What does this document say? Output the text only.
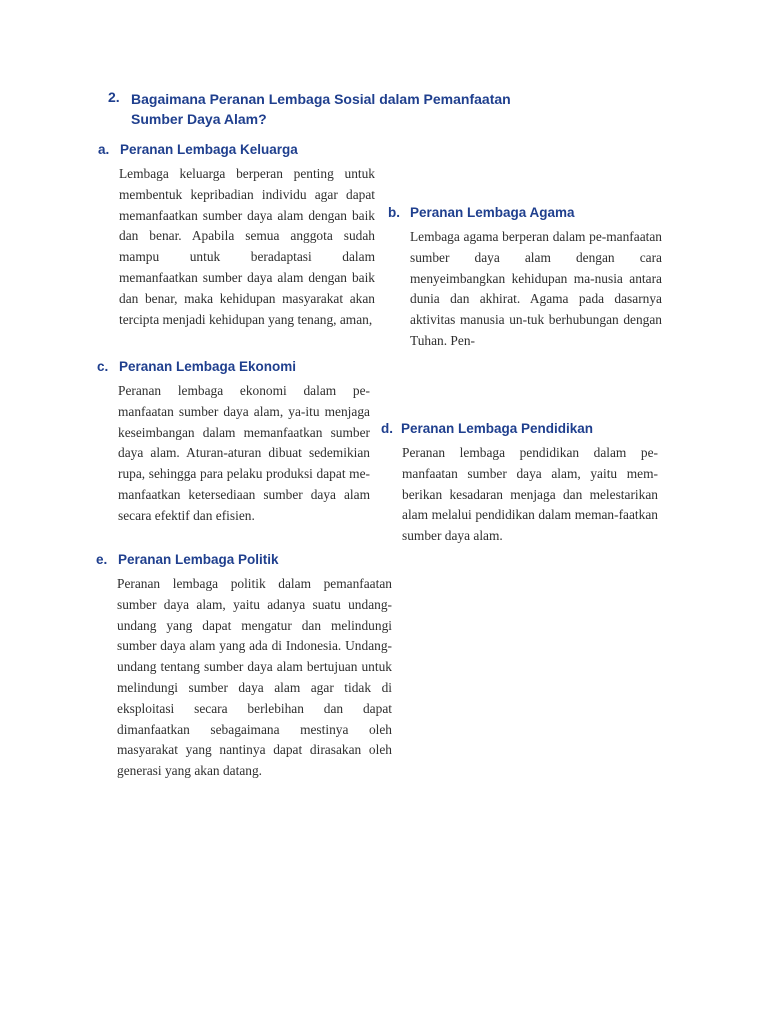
2. Bagaimana Peranan Lembaga Sosial dalam Pemanfaatan Sumber Daya Alam?
a. Peranan Lembaga Keluarga

Lembaga keluarga berperan penting untuk membentuk kepribadian individu agar dapat memanfaatkan sumber daya alam dengan baik dan benar. Apabila semua anggota sudah mampu untuk beradaptasi dalam memanfaatkan sumber daya alam dengan baik dan benar, maka kehidupan masyarakat akan tercipta menjadi kehidupan yang tenang, aman,

b. Peranan Lembaga Agama

Lembaga agama berperan dalam pe-manfaatan sumber daya alam dengan cara menyeimbangkan kehidupan ma-nusia antara dunia dan akhirat. Agama pada dasarnya aktivitas manusia un-tuk berhubungan dengan Tuhan. Pen-

c. Peranan Lembaga Ekonomi

Peranan lembaga ekonomi dalam pe-manfaatan sumber daya alam, ya-itu menjaga keseimbangan dalam memanfaatkan sumber daya alam. Aturan-aturan dibuat sedemikian rupa, sehingga para pelaku produksi dapat me-manfaatkan ketersediaan sumber daya alam secara efektif dan efisien.

d. Peranan Lembaga Pendidikan

Peranan lembaga pendidikan dalam pe-manfaatan sumber daya alam, yaitu mem-berikan kesadaran menjaga dan melestarikan alam melalui pendidikan dalam meman-faatkan sumber daya alam.

e. Peranan Lembaga Politik

Peranan lembaga politik dalam pemanfaatan sumber daya alam, yaitu adanya suatu undang-undang yang dapat mengatur dan melindungi sumber daya alam yang ada di Indonesia. Undang-undang tentang sumber daya alam bertujuan untuk melindungi sumber daya alam agar tidak di eksploitasi secara berlebihan dan dapat dimanfaatkan sebagaimana mestinya oleh masyarakat yang nantinya dapat dirasakan oleh generasi yang akan datang.
